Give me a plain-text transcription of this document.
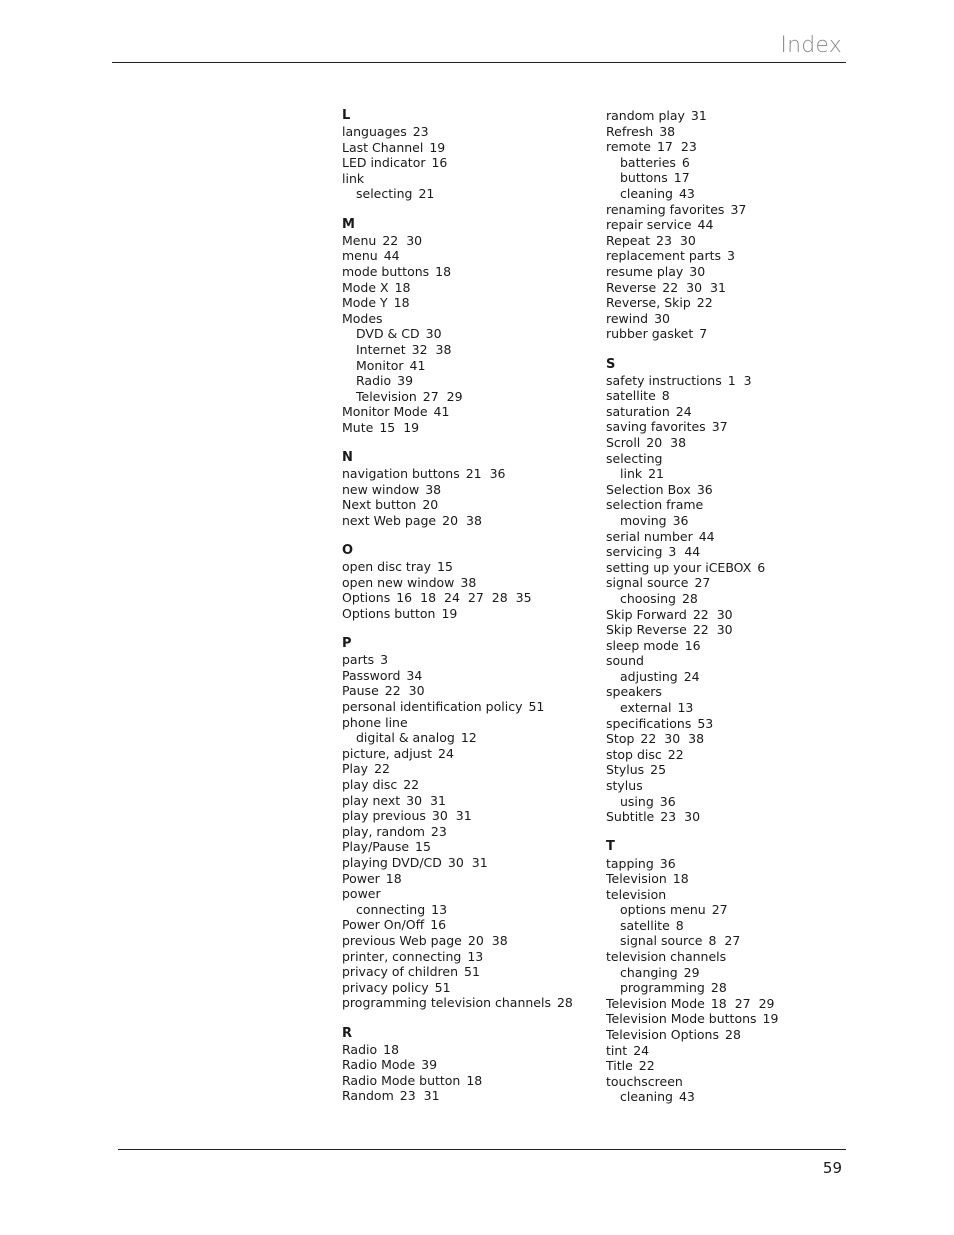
Index
L
languages 23
Last Channel 19
LED indicator 16
link
selecting 21
M
Menu 22 30
menu 44
mode buttons 18
Mode X 18
Mode Y 18
Modes
DVD & CD 30
Internet 32 38
Monitor 41
Radio 39
Television 27 29
Monitor Mode 41
Mute 15 19
N
navigation buttons 21 36
new window 38
Next button 20
next Web page 20 38
O
open disc tray 15
open new window 38
Options 16 18 24 27 28 35
Options button 19
P
parts 3
Password 34
Pause 22 30
personal identification policy 51
phone line
digital & analog 12
picture, adjust 24
Play 22
play disc 22
play next 30 31
play previous 30 31
play, random 23
Play/Pause 15
playing DVD/CD 30 31
Power 18
power
connecting 13
Power On/Off 16
previous Web page 20 38
printer, connecting 13
privacy of children 51
privacy policy 51
programming television channels 28
R
Radio 18
Radio Mode 39
Radio Mode button 18
Random 23 31
random play 31
Refresh 38
remote 17 23
batteries 6
buttons 17
cleaning 43
renaming favorites 37
repair service 44
Repeat 23 30
replacement parts 3
resume play 30
Reverse 22 30 31
Reverse, Skip 22
rewind 30
rubber gasket 7
S
safety instructions 1 3
satellite 8
saturation 24
saving favorites 37
Scroll 20 38
selecting
link 21
Selection Box 36
selection frame
moving 36
serial number 44
servicing 3 44
setting up your iCEBOX 6
signal source 27
choosing 28
Skip Forward 22 30
Skip Reverse 22 30
sleep mode 16
sound
adjusting 24
speakers
external 13
specifications 53
Stop 22 30 38
stop disc 22
Stylus 25
stylus
using 36
Subtitle 23 30
T
tapping 36
Television 18
television
options menu 27
satellite 8
signal source 8 27
television channels
changing 29
programming 28
Television Mode 18 27 29
Television Mode buttons 19
Television Options 28
tint 24
Title 22
touchscreen
cleaning 43
59
